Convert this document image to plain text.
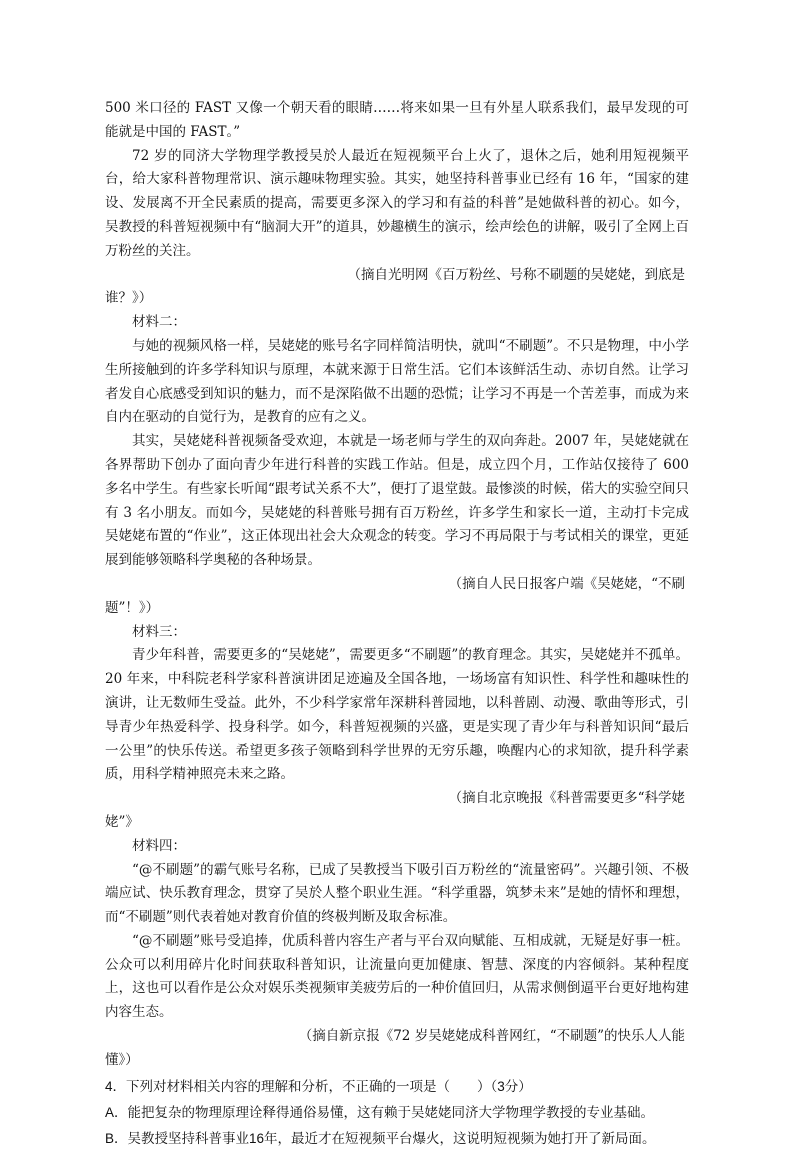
500 米口径的 FAST 又像一个朝天看的眼睛……将来如果一旦有外星人联系我们，最早发现的可能就是中国的 FAST。”

72 岁的同济大学物理学教授吴於人最近在短视频平台上火了，退休之后，她利用短视频平台，给大家科普物理常识、演示趣味物理实验。其实，她坚持科普事业已经有 16 年，“国家的建设、发展离不开全民素质的提高，需要更多深入的学习和有益的科普”是她做科普的初心。如今，吴教授的科普短视频中有“脑洞大开”的道具，妙趣横生的演示，绘声绘色的讲解，吸引了全网上百万粉丝的关注。

（摘自光明网《百万粉丝、号称不刷题的吴姥姥，到底是

谁？》）

材料二：

与她的视频风格一样，吴姥姥的账号名字同样简洁明快，就叫“不刷题”。不只是物理，中小学生所接触到的许多学科知识与原理，本就来源于日常生活。它们本该鲜活生动、赤切自然。让学习者发自心底感受到知识的魅力，而不是深陷做不出题的恐慌；让学习不再是一个苦差事，而成为来自内在驱动的自觉行为，是教育的应有之义。

其实，吴姥姥科普视频备受欢迎，本就是一场老师与学生的双向奔赴。2007 年，吴姥姥就在各界帮助下创办了面向青少年进行科普的实践工作站。但是，成立四个月，工作站仅接待了 600 多名中学生。有些家长听闻“跟考试关系不大”，便打了退堂鼓。最惨淡的时候，偌大的实验空间只有 3 名小朋友。而如今，吴姥姥的科普账号拥有百万粉丝，许多学生和家长一道，主动打卡完成吴姥姥布置的“作业”，这正体现出社会大众观念的转变。学习不再局限于与考试相关的课堂，更延展到能够领略科学奥秘的各种场景。

（摘自人民日报客户端《吴姥姥，“不刷

题”！》）

材料三：

青少年科普，需要更多的“吴姥姥”，需要更多“不刷题”的教育理念。其实，吴姥姥并不孤单。20 年来，中科院老科学家科普演讲团足迹遍及全国各地，一场场富有知识性、科学性和趣味性的演讲，让无数师生受益。此外，不少科学家常年深耕科普园地，以科普剧、动漫、歌曲等形式，引导青少年热爱科学、投身科学。如今，科普短视频的兴盛，更是实现了青少年与科普知识间“最后一公里”的快乐传送。希望更多孩子领略到科学世界的无穷乐趣，唤醒内心的求知欲，提升科学素质，用科学精神照亮未来之路。

（摘自北京晚报《科普需要更多“科学姥

姥”》

材料四：

“@不刷题”的霸气账号名称，已成了吴教授当下吸引百万粉丝的“流量密码”。兴趣引领、不极端应试、快乐教育理念，贯穿了吴於人整个职业生涯。“科学重器，筑梦未来”是她的情怀和理想，而“不刷题”则代表着她对教育价值的终极判断及取舍标准。

“@不刷题”账号受追捧，优质科普内容生产者与平台双向赋能、互相成就，无疑是好事一桩。公众可以利用碎片化时间获取科普知识，让流量向更加健康、智慧、深度的内容倾斜。某种程度上，这也可以看作是公众对娱乐类视频审美疲劳后的一种价值回归，从需求侧倒逼平台更好地构建内容生态。

（摘自新京报《72 岁吴姥姥成科普网红，“不刷题”的快乐人人能

懂》）

4．下列对材料相关内容的理解和分析，不正确的一项是（　　）（3分）

A．能把复杂的物理原理诠释得通俗易懂，这有赖于吴姥姥同济大学物理学教授的专业基础。

B．吴教授坚持科普事业16年，最近才在短视频平台爆火，这说明短视频为她打开了新局面。
